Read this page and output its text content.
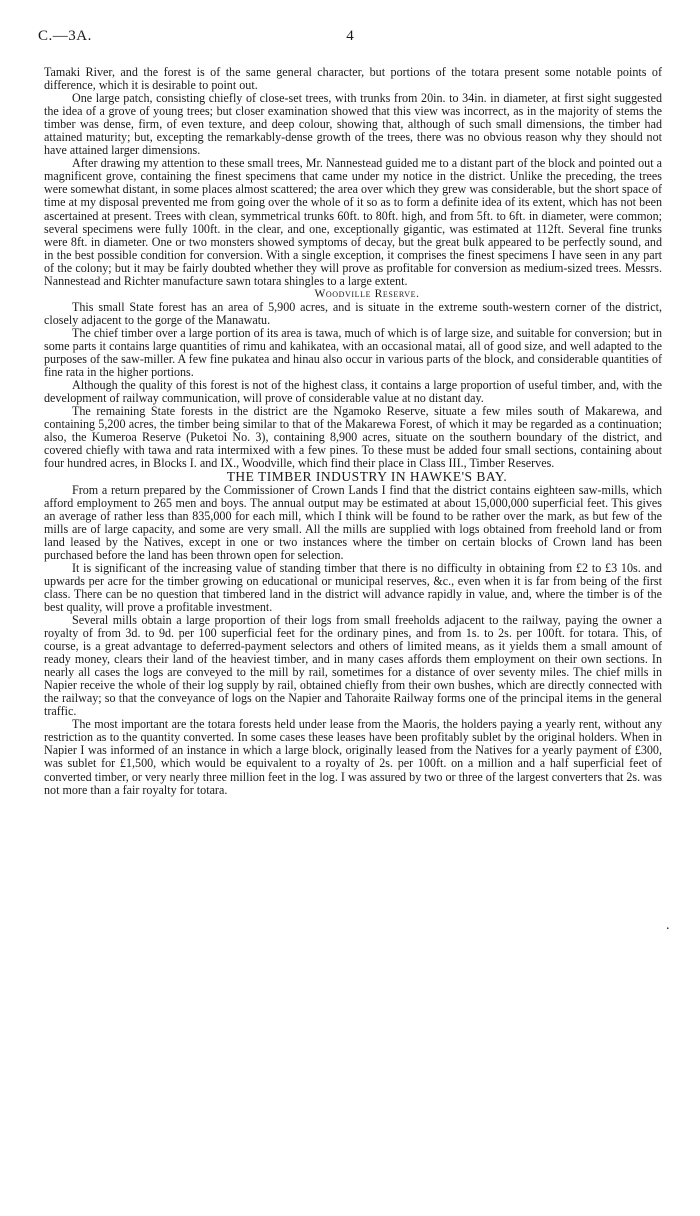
C.—3A.	4

Tamaki River, and the forest is of the same general character, but portions of the totara present some notable points of difference, which it is desirable to point out.

One large patch, consisting chiefly of close-set trees, with trunks from 20in. to 34in. in diameter, at first sight suggested the idea of a grove of young trees; but closer examination showed that this view was incorrect, as in the majority of stems the timber was dense, firm, of even texture, and deep colour, showing that, although of such small dimensions, the timber had attained maturity; but, excepting the remarkably-dense growth of the trees, there was no obvious reason why they should not have attained larger dimensions.

After drawing my attention to these small trees, Mr. Nannestead guided me to a distant part of the block and pointed out a magnificent grove, containing the finest specimens that came under my notice in the district. Unlike the preceding, the trees were somewhat distant, in some places almost scattered; the area over which they grew was considerable, but the short space of time at my disposal prevented me from going over the whole of it so as to form a definite idea of its extent, which has not been ascertained at present. Trees with clean, symmetrical trunks 60ft. to 80ft. high, and from 5ft. to 6ft. in diameter, were common; several specimens were fully 100ft. in the clear, and one, exceptionally gigantic, was estimated at 112ft. Several fine trunks were 8ft. in diameter. One or two monsters showed symptoms of decay, but the great bulk appeared to be perfectly sound, and in the best possible condition for conversion. With a single exception, it comprises the finest specimens I have seen in any part of the colony; but it may be fairly doubted whether they will prove as profitable for conversion as medium-sized trees. Messrs. Nannestead and Richter manufacture sawn totara shingles to a large extent.

Woodville Reserve.

This small State forest has an area of 5,900 acres, and is situate in the extreme south-western corner of the district, closely adjacent to the gorge of the Manawatu.

The chief timber over a large portion of its area is tawa, much of which is of large size, and suitable for conversion; but in some parts it contains large quantities of rimu and kahikatea, with an occasional matai, all of good size, and well adapted to the purposes of the saw-miller. A few fine pukatea and hinau also occur in various parts of the block, and considerable quantities of fine rata in the higher portions.

Although the quality of this forest is not of the highest class, it contains a large proportion of useful timber, and, with the development of railway communication, will prove of considerable value at no distant day.

The remaining State forests in the district are the Ngamoko Reserve, situate a few miles south of Makarewa, and containing 5,200 acres, the timber being similar to that of the Makarewa Forest, of which it may be regarded as a continuation; also, the Kumeroa Reserve (Puketoi No. 3), containing 8,900 acres, situate on the southern boundary of the district, and covered chiefly with tawa and rata intermixed with a few pines. To these must be added four small sections, containing about four hundred acres, in Blocks I. and IX., Woodville, which find their place in Class III., Timber Reserves.

THE TIMBER INDUSTRY IN HAWKE'S BAY.

From a return prepared by the Commissioner of Crown Lands I find that the district contains eighteen saw-mills, which afford employment to 265 men and boys. The annual output may be estimated at about 15,000,000 superficial feet. This gives an average of rather less than 835,000 for each mill, which I think will be found to be rather over the mark, as but few of the mills are of large capacity, and some are very small. All the mills are supplied with logs obtained from freehold land or from land leased by the Natives, except in one or two instances where the timber on certain blocks of Crown land has been purchased before the land has been thrown open for selection.

It is significant of the increasing value of standing timber that there is no difficulty in obtaining from £2 to £3 10s. and upwards per acre for the timber growing on educational or municipal reserves, &c., even when it is far from being of the first class. There can be no question that timbered land in the district will advance rapidly in value, and, where the timber is of the best quality, will prove a profitable investment.

Several mills obtain a large proportion of their logs from small freeholds adjacent to the railway, paying the owner a royalty of from 3d. to 9d. per 100 superficial feet for the ordinary pines, and from 1s. to 2s. per 100ft. for totara. This, of course, is a great advantage to deferred-payment selectors and others of limited means, as it yields them a small amount of ready money, clears their land of the heaviest timber, and in many cases affords them employment on their own sections. In nearly all cases the logs are conveyed to the mill by rail, sometimes for a distance of over seventy miles. The chief mills in Napier receive the whole of their log supply by rail, obtained chiefly from their own bushes, which are directly connected with the railway; so that the conveyance of logs on the Napier and Tahoraite Railway forms one of the principal items in the general traffic.

The most important are the totara forests held under lease from the Maoris, the holders paying a yearly rent, without any restriction as to the quantity converted. In some cases these leases have been profitably sublet by the original holders. When in Napier I was informed of an instance in which a large block, originally leased from the Natives for a yearly payment of £300, was sublet for £1,500, which would be equivalent to a royalty of 2s. per 100ft. on a million and a half superficial feet of converted timber, or very nearly three million feet in the log. I was assured by two or three of the largest converters that 2s. was not more than a fair royalty for totara.

.
